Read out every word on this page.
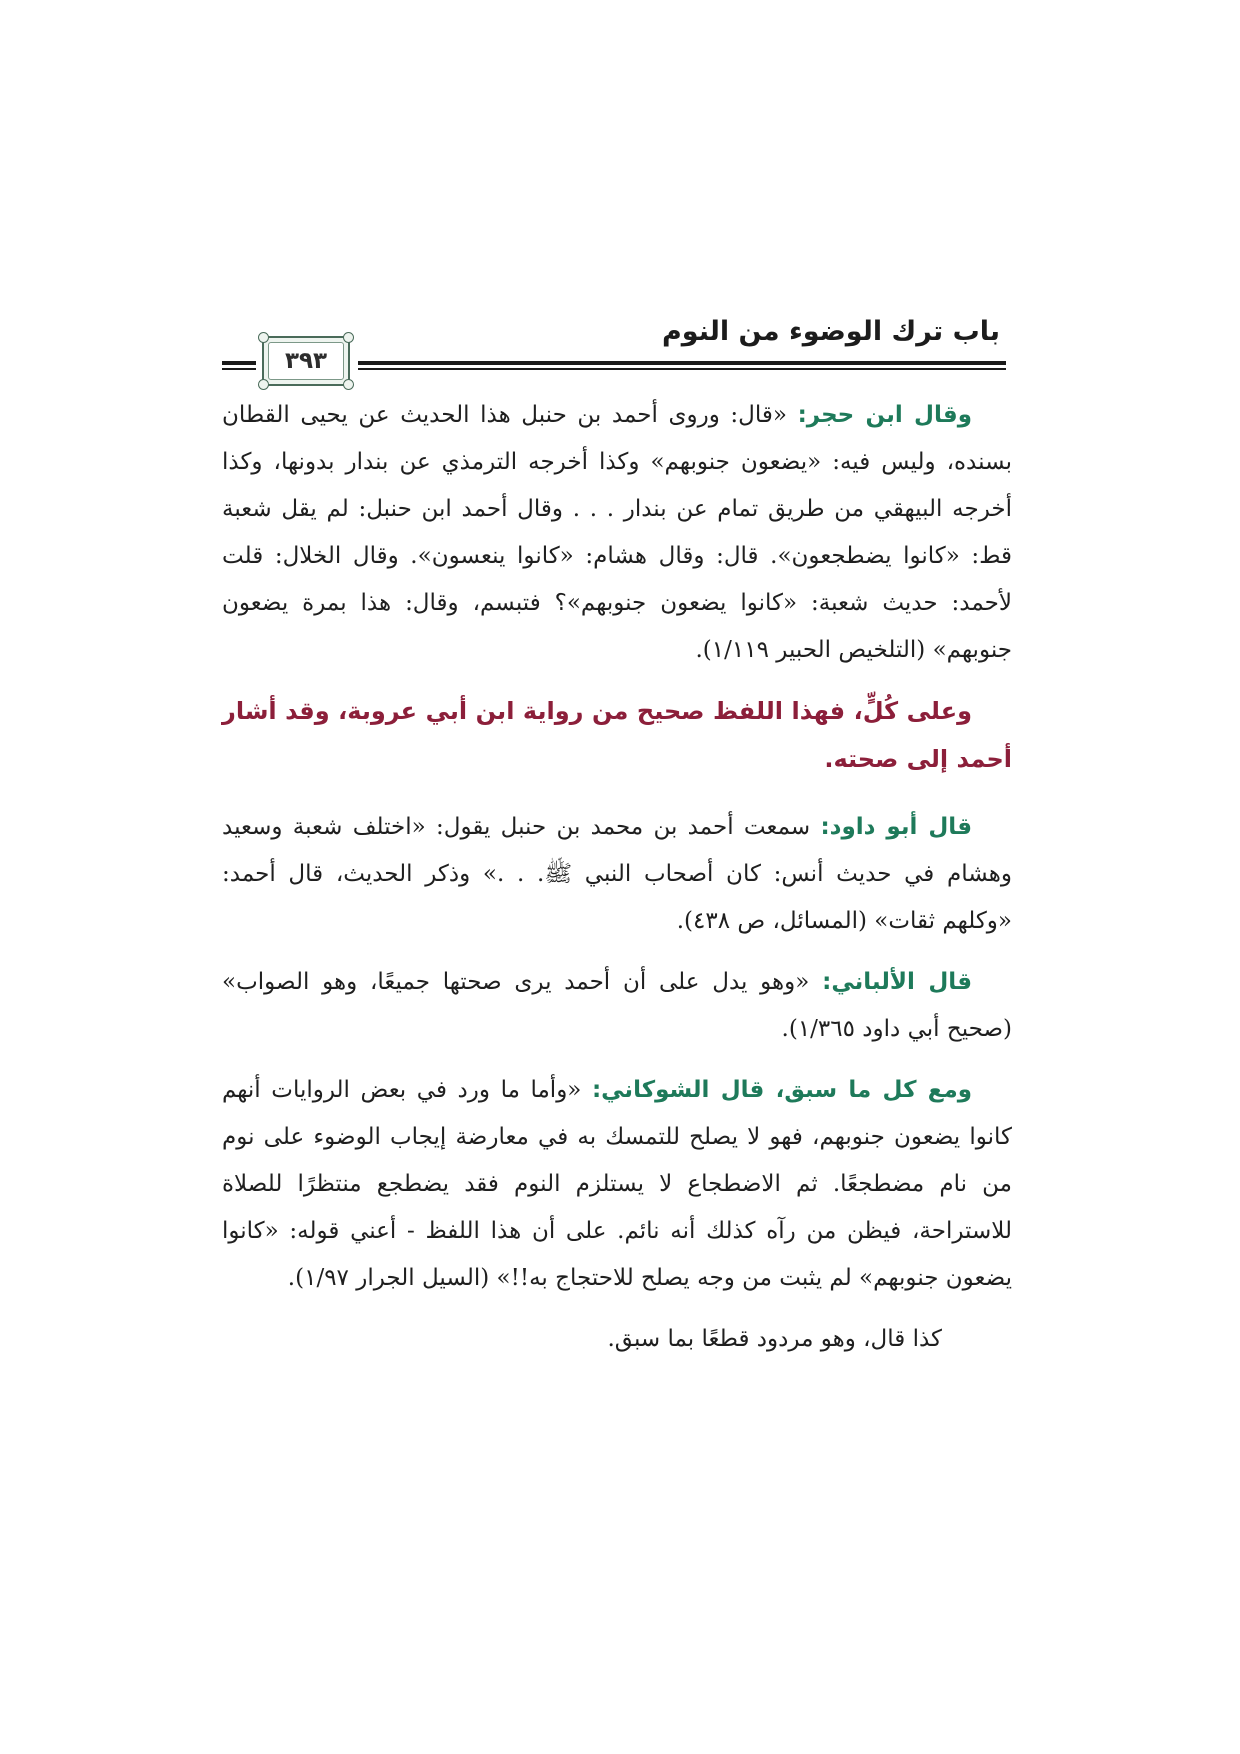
باب ترك الوضوء من النوم
٣٩٣

وقال ابن حجر: «قال: وروى أحمد بن حنبل هذا الحديث عن يحيى القطان بسنده، وليس فيه: «يضعون جنوبهم» وكذا أخرجه الترمذي عن بندار بدونها، وكذا أخرجه البيهقي من طريق تمام عن بندار . . . وقال أحمد ابن حنبل: لم يقل شعبة قط: «كانوا يضطجعون». قال: وقال هشام: «كانوا ينعسون». وقال الخلال: قلت لأحمد: حديث شعبة: «كانوا يضعون جنوبهم»؟ فتبسم، وقال: هذا بمرة يضعون جنوبهم» (التلخيص الحبير ١/١١٩).

وعلى كُلٍّ، فهذا اللفظ صحيح من رواية ابن أبي عروبة، وقد أشار أحمد إلى صحته.

قال أبو داود: سمعت أحمد بن محمد بن حنبل يقول: «اختلف شعبة وسعيد وهشام في حديث أنس: كان أصحاب النبي ﷺ. . .» وذكر الحديث، قال أحمد: «وكلهم ثقات» (المسائل، ص ٤٣٨).

قال الألباني: «وهو يدل على أن أحمد يرى صحتها جميعًا، وهو الصواب» (صحيح أبي داود ١/٣٦٥).

ومع كل ما سبق، قال الشوكاني: «وأما ما ورد في بعض الروايات أنهم كانوا يضعون جنوبهم، فهو لا يصلح للتمسك به في معارضة إيجاب الوضوء على نوم من نام مضطجعًا. ثم الاضطجاع لا يستلزم النوم فقد يضطجع منتظرًا للصلاة للاستراحة، فيظن من رآه كذلك أنه نائم. على أن هذا اللفظ - أعني قوله: «كانوا يضعون جنوبهم» لم يثبت من وجه يصلح للاحتجاج به!!» (السيل الجرار ١/٩٧).

كذا قال، وهو مردود قطعًا بما سبق.
